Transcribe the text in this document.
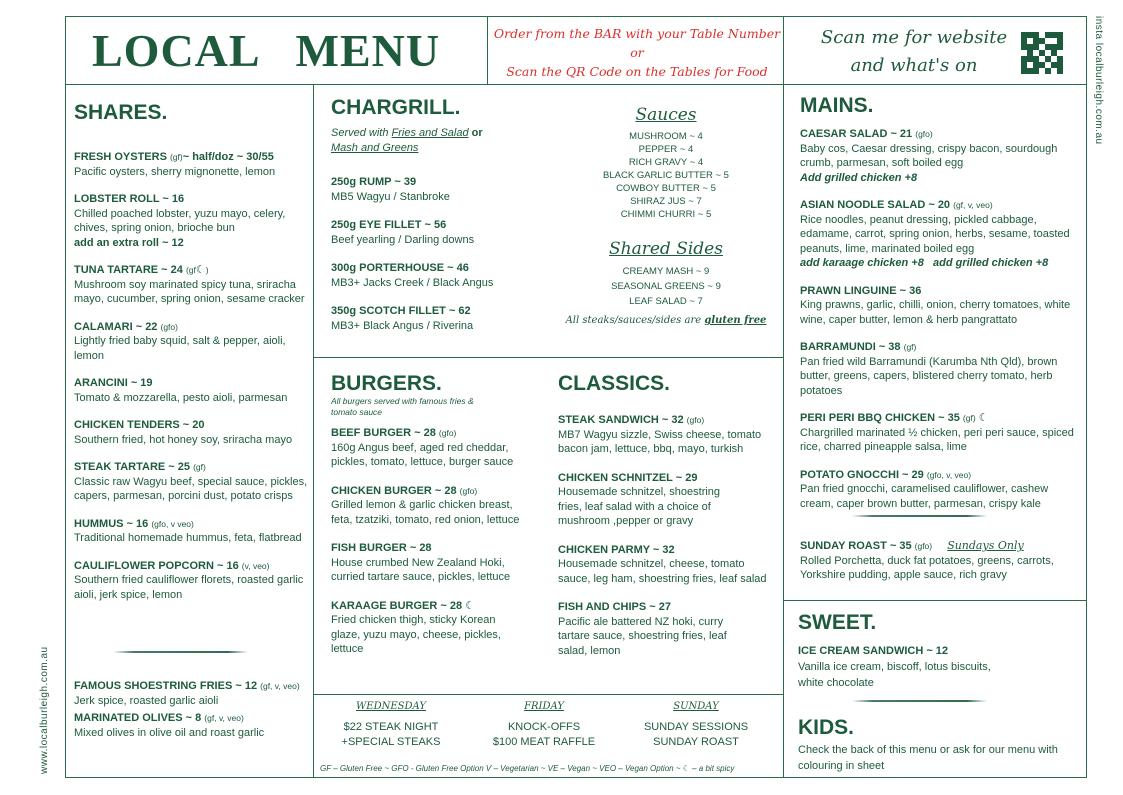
LOCAL   MENU	Order from the BAR with your Table Number
or
Scan the QR Code on the Tables for Food
Scan me for website
and what's on	insta localburleigh.com.au
www.localburleigh.com.au
SHARES.
FRESH OYSTERS (gf)~ half/doz ~ 30/55
Pacific oysters, sherry mignonette, lemon
LOBSTER ROLL ~ 16
Chilled poached lobster, yuzu mayo, celery, chives, spring onion, brioche bun
add an extra roll ~ 12
TUNA TARTARE ~ 24 (gf☾)
Mushroom soy marinated spicy tuna, sriracha mayo, cucumber, spring onion, sesame cracker
CALAMARI ~ 22 (gfo)
Lightly fried baby squid, salt & pepper, aioli, lemon
ARANCINI ~ 19
Tomato & mozzarella, pesto aioli, parmesan
CHICKEN TENDERS ~ 20
Southern fried, hot honey soy, sriracha mayo
STEAK TARTARE ~ 25 (gf)
Classic raw Wagyu beef, special sauce, pickles, capers, parmesan, porcini dust, potato crisps
HUMMUS ~ 16 (gfo, v veo)
Traditional homemade hummus, feta, flatbread
CAULIFLOWER POPCORN ~ 16 (v, veo)
Southern fried cauliflower florets, roasted garlic aioli, jerk spice, lemon
FAMOUS SHOESTRING FRIES ~ 12 (gf, v, veo)
Jerk spice, roasted garlic aioli
MARINATED OLIVES ~ 8 (gf, v, veo)
Mixed olives in olive oil and roast garlic
CHARGRILL.
Served with Fries and Salad or
Mash and Greens
250g RUMP ~ 39
MB5 Wagyu / Stanbroke
250g EYE FILLET ~ 56
Beef yearling / Darling downs
300g PORTERHOUSE ~ 46
MB3+ Jacks Creek / Black Angus
350g SCOTCH FILLET ~ 62
MB3+ Black Angus / Riverina
Sauces
MUSHROOM ~ 4
PEPPER ~ 4
RICH GRAVY ~ 4
BLACK GARLIC BUTTER ~ 5
COWBOY BUTTER ~ 5
SHIRAZ JUS ~ 7
CHIMMI CHURRI ~ 5
Shared Sides
CREAMY MASH ~ 9
SEASONAL GREENS ~ 9
LEAF SALAD ~ 7
All steaks/sauces/sides are gluten free
BURGERS.
All burgers served with famous fries & tomato sauce
BEEF BURGER ~ 28 (gfo)
160g Angus beef, aged red cheddar, pickles, tomato, lettuce, burger sauce
CHICKEN BURGER ~ 28 (gfo)
Grilled lemon & garlic chicken breast, feta, tzatziki, tomato, red onion, lettuce
FISH BURGER ~ 28
House crumbed New Zealand Hoki, curried tartare sauce, pickles, lettuce
KARAAGE BURGER ~ 28 ☾
Fried chicken thigh, sticky Korean glaze, yuzu mayo, cheese, pickles, lettuce
CLASSICS.
STEAK SANDWICH ~ 32 (gfo)
MB7 Wagyu sizzle, Swiss cheese, tomato bacon jam, lettuce, bbq, mayo, turkish
CHICKEN SCHNITZEL ~ 29
Housemade schnitzel, shoestring fries, leaf salad with a choice of mushroom ,pepper or gravy
CHICKEN PARMY ~ 32
Housemade schnitzel, cheese, tomato sauce, leg ham, shoestring fries, leaf salad
FISH AND CHIPS ~ 27
Pacific ale battered NZ hoki, curry tartare sauce, shoestring fries, leaf salad, lemon
WEDNESDAY
$22 STEAK NIGHT
+SPECIAL STEAKS
FRIDAY
KNOCK-OFFS
$100 MEAT RAFFLE
SUNDAY
SUNDAY SESSIONS
SUNDAY ROAST
GF – Gluten Free ~ GFO - Gluten Free Option V – Vegetarian ~ VE – Vegan ~ VEO – Vegan Option ~ ☾ – a bit spicy
MAINS.
CAESAR SALAD ~ 21 (gfo)
Baby cos, Caesar dressing, crispy bacon, sourdough crumb, parmesan, soft boiled egg
Add grilled chicken +8
ASIAN NOODLE SALAD ~ 20 (gf, v, veo)
Rice noodles, peanut dressing, pickled cabbage, edamame, carrot, spring onion, herbs, sesame, toasted peanuts, lime, marinated boiled egg
add karaage chicken +8   add grilled chicken +8
PRAWN LINGUINE ~ 36
King prawns, garlic, chilli, onion, cherry tomatoes, white wine, caper butter, lemon & herb pangrattato
BARRAMUNDI ~ 38 (gf)
Pan fried wild Barramundi (Karumba Nth Qld), brown butter, greens, capers, blistered cherry tomato, herb potatoes
PERI PERI BBQ CHICKEN ~ 35 (gf) ☾
Chargrilled marinated ½ chicken, peri peri sauce, spiced rice, charred pineapple salsa, lime
POTATO GNOCCHI ~ 29 (gfo, v, veo)
Pan fried gnocchi, caramelised cauliflower, cashew cream, caper brown butter, parmesan, crispy kale
SUNDAY ROAST ~ 35 (gfo) Sundays Only
Rolled Porchetta, duck fat potatoes, greens, carrots, Yorkshire pudding, apple sauce, rich gravy
SWEET.
ICE CREAM SANDWICH ~ 12
Vanilla ice cream, biscoff, lotus biscuits, white chocolate
KIDS.
Check the back of this menu or ask for our menu with colouring in sheet
